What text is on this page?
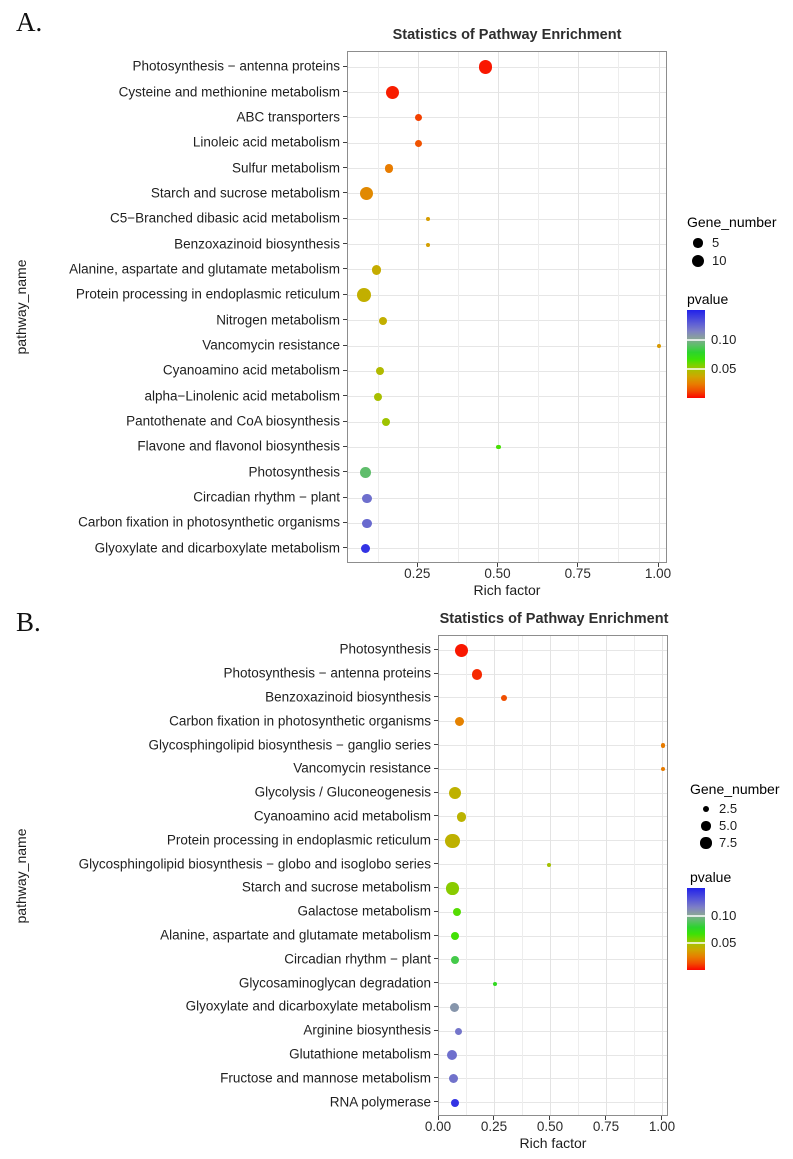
A.	Statistics of Pathway Enrichment
pathway_name
Rich factor
Gene_number
pvalue
B.	Statistics of Pathway Enrichment
pathway_name
Rich factor
Gene_number
pvalue
Photosynthesis − antenna proteins
Cysteine and methionine metabolism
ABC transporters
Linoleic acid metabolism
Sulfur metabolism
Starch and sucrose metabolism
C5−Branched dibasic acid metabolism
Benzoxazinoid biosynthesis
Alanine, aspartate and glutamate metabolism
Protein processing in endoplasmic reticulum
Nitrogen metabolism
Vancomycin resistance
Cyanoamino acid metabolism
alpha−Linolenic acid metabolism
Pantothenate and CoA biosynthesis
Flavone and flavonol biosynthesis
Photosynthesis
Circadian rhythm − plant
Carbon fixation in photosynthetic organisms
Glyoxylate and dicarboxylate metabolism
0.25	0.50	0.75	1.00
5
10
0.10
0.05
Photosynthesis
Photosynthesis − antenna proteins
Benzoxazinoid biosynthesis
Carbon fixation in photosynthetic organisms
Glycosphingolipid biosynthesis − ganglio series
Vancomycin resistance
Glycolysis / Gluconeogenesis
Cyanoamino acid metabolism
Protein processing in endoplasmic reticulum
Glycosphingolipid biosynthesis − globo and isoglobo series
Starch and sucrose metabolism
Galactose metabolism
Alanine, aspartate and glutamate metabolism
Circadian rhythm − plant
Glycosaminoglycan degradation
Glyoxylate and dicarboxylate metabolism
Arginine biosynthesis
Glutathione metabolism
Fructose and mannose metabolism
RNA polymerase
0.00 0.25 0.50 0.75 1.00
2.5
5.0
7.5
0.10
0.05
